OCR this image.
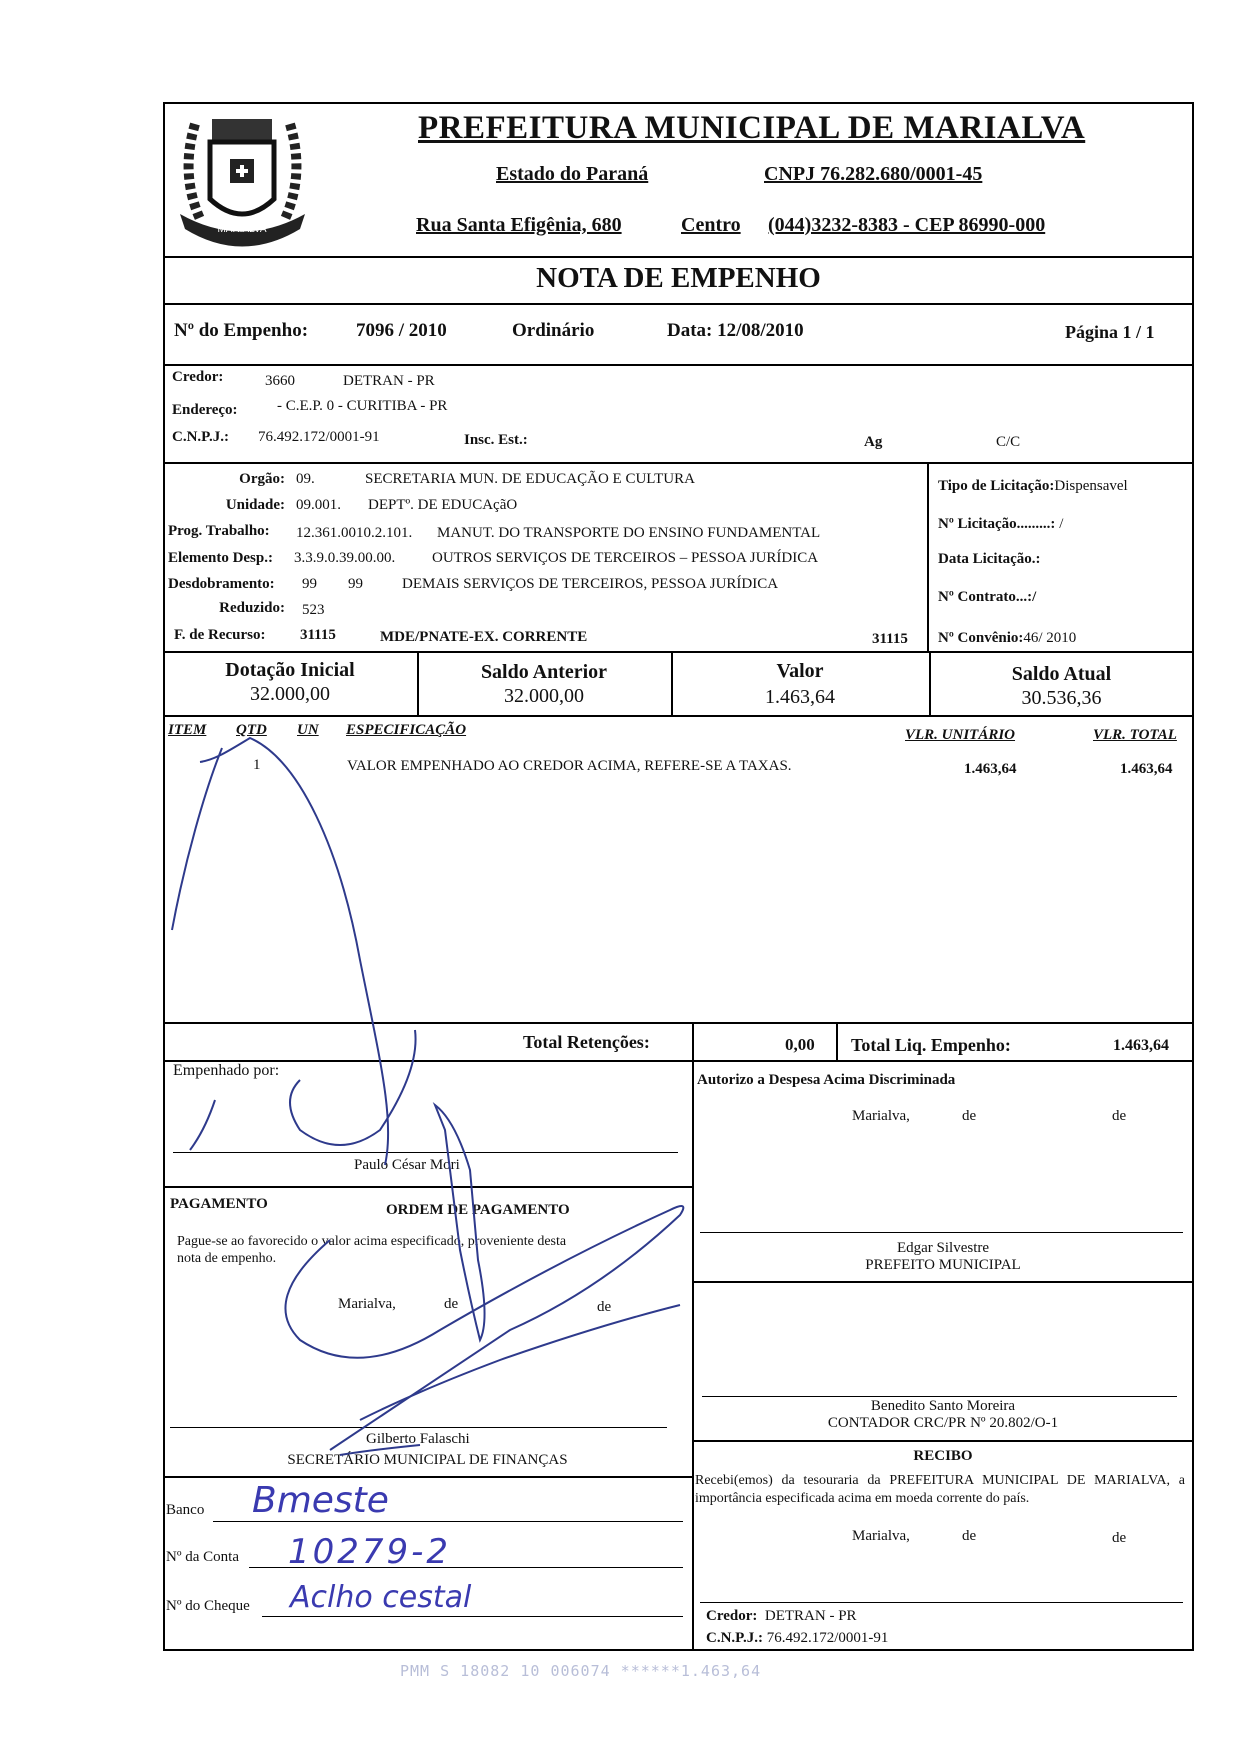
MARIALVA
PREFEITURA MUNICIPAL DE MARIALVA
Estado do Paraná	CNPJ 76.282.680/0001-45
Rua Santa Efigênia, 680	Centro (044)3232-8383 - CEP 86990-000
NOTA DE EMPENHO
Nº do Empenho:	7096 / 2010	Ordinário	Data: 12/08/2010	Página 1 / 1
Credor:	3660	DETRAN - PR
Endereço:	- C.E.P. 0 - CURITIBA - PR
C.N.P.J.: 76.492.172/0001-91	Insc. Est.:	Ag	C/C
Orgão: 09.	SECRETARIA MUN. DE EDUCAÇÃO E CULTURA
Unidade: 09.001. DEPTº. DE EDUCAçãO
Prog. Trabalho: 12.361.0010.2.101. MANUT. DO TRANSPORTE DO ENSINO FUNDAMENTAL
Elemento Desp.: 3.3.9.0.39.00.00. OUTROS SERVIÇOS DE TERCEIROS – PESSOA JURÍDICA
Desdobramento: 99 99	DEMAIS SERVIÇOS DE TERCEIROS, PESSOA JURÍDICA
Reduzido: 523
F. de Recurso: 31115	MDE/PNATE-EX. CORRENTE	31115
Tipo de Licitação:Dispensavel
Nº Licitação.........: /
Data Licitação.:
Nº Contrato...:/
Nº Convênio:46/ 2010
Dotação Inicial
32.000,00
Saldo Anterior
32.000,00
Valor
1.463,64
Saldo Atual
30.536,36
ITEM QTD UN ESPECIFICAÇÃO	VLR. UNITÁRIO	VLR. TOTAL
1	VALOR EMPENHADO AO CREDOR ACIMA, REFERE-SE A TAXAS.	1.463,64	1.463,64
Total Retenções:	0,00 Total Liq. Empenho:	1.463,64
Empenhado por:
Paulo César Mori
Autorizo a Despesa Acima Discriminada
Marialva,	de	de
Edgar Silvestre
PREFEITO MUNICIPAL
PAGAMENTO	ORDEM DE PAGAMENTO
Pague-se ao favorecido o valor acima especificado, proveniente desta
nota de empenho.
Marialva,	de	de
Gilberto Falaschi
SECRETÁRIO MUNICIPAL DE FINANÇAS
Benedito Santo Moreira
CONTADOR CRC/PR Nº 20.802/O-1
RECIBO
Recebi(emos) da tesouraria da PREFEITURA MUNICIPAL DE MARIALVA, a importância especificada acima em moeda corrente do país.
Marialva,	de	de
Credor: DETRAN - PR
C.N.P.J.: 76.492.172/0001-91
Banco Bmeste
Nº da Conta 10279-2
Nº do Cheque Aclho cestal
PMM S 18082 10 006074 ******1.463,64
